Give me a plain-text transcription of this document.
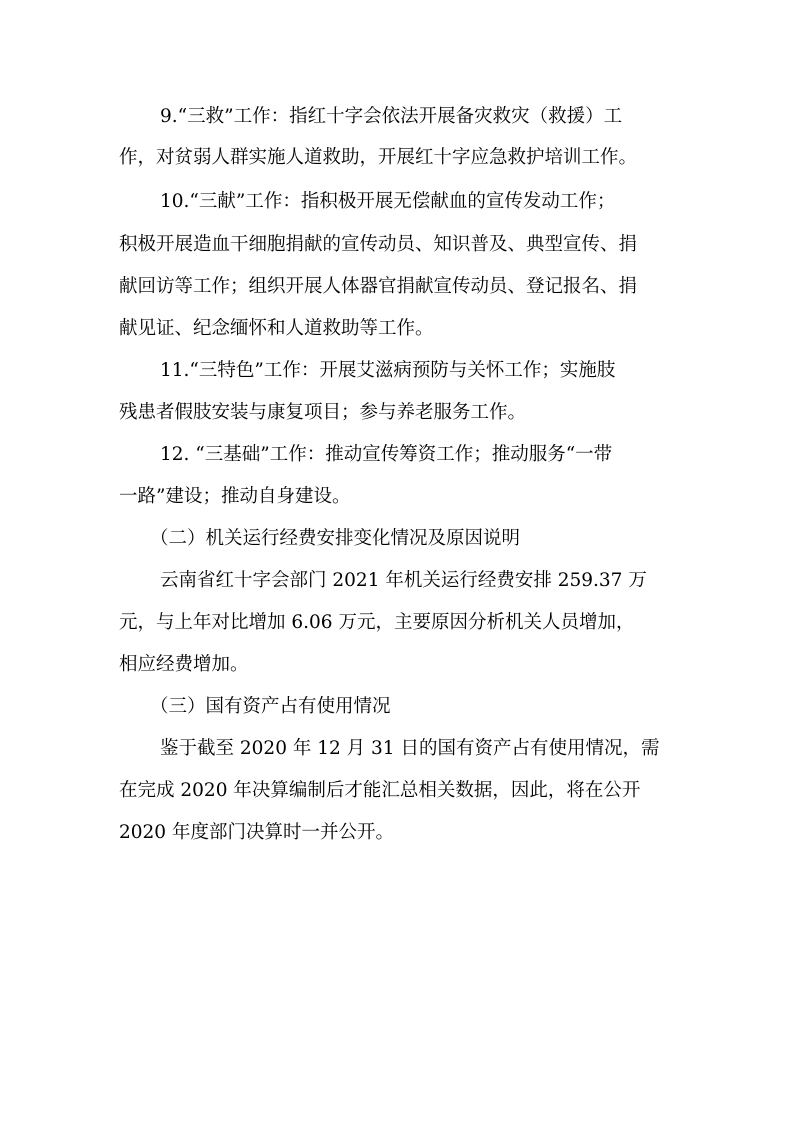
9.“三救”工作：指红十字会依法开展备灾救灾（救援）工

作，对贫弱人群实施人道救助，开展红十字应急救护培训工作。

10.“三献”工作：指积极开展无偿献血的宣传发动工作；

积极开展造血干细胞捐献的宣传动员、知识普及、典型宣传、捐

献回访等工作；组织开展人体器官捐献宣传动员、登记报名、捐

献见证、纪念缅怀和人道救助等工作。

11.“三特色”工作：开展艾滋病预防与关怀工作；实施肢

残患者假肢安装与康复项目；参与养老服务工作。

12. “三基础”工作：推动宣传筹资工作；推动服务“一带

一路”建设；推动自身建设。

（二）机关运行经费安排变化情况及原因说明

云南省红十字会部门 2021 年机关运行经费安排 259.37 万

元，与上年对比增加 6.06 万元，主要原因分析机关人员增加，

相应经费增加。

（三）国有资产占有使用情况

鉴于截至 2020 年 12 月 31 日的国有资产占有使用情况，需

在完成 2020 年决算编制后才能汇总相关数据，因此，将在公开

2020 年度部门决算时一并公开。
